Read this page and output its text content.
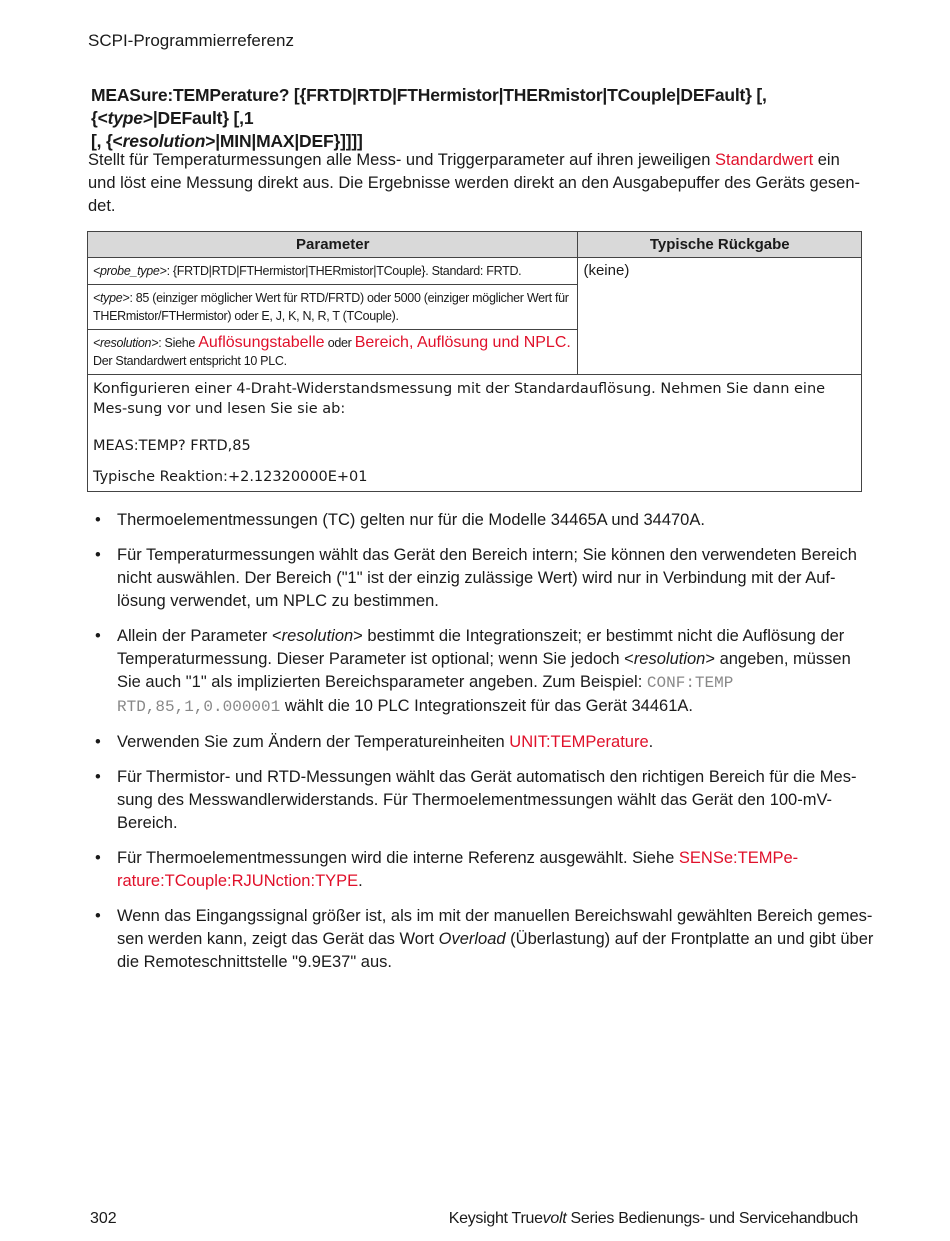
SCPI-Programmierreferenz
MEASure:TEMPerature? [{FRTD|RTD|FTHermistor|THERmistor|TCouple|DEFault} [, {<type>|DEFault} [,1
[, {<resolution>|MIN|MAX|DEF}]]]]
Stellt für Temperaturmessungen alle Mess- und Triggerparameter auf ihren jeweiligen Standardwert ein und löst eine Messung direkt aus. Die Ergebnisse werden direkt an den Ausgabepuffer des Geräts gesen-det.
Parameter	Typische Rückgabe
<probe_type>: {FRTD|RTD|FTHermistor|THERmistor|TCouple}. Standard: FRTD.	(keine)
<type>: 85 (einziger möglicher Wert für RTD/FRTD) oder 5000 (einziger möglicher Wert für THERmistor/FTHermistor) oder E, J, K, N, R, T (TCouple).	
<resolution>: Siehe Auflösungstabelle oder Bereich, Auflösung und NPLC. Der Standardwert entspricht 10 PLC.	

Konfigurieren einer 4-Draht-Widerstandsmessung mit der Standardauflösung. Nehmen Sie dann eine Mes-sung vor und lesen Sie sie ab:

MEAS:TEMP? FRTD,85

Typische Reaktion:+2.12320000E+01	

• Thermoelementmessungen (TC) gelten nur für die Modelle 34465A und 34470A.
• Für Temperaturmessungen wählt das Gerät den Bereich intern; Sie können den verwendeten Bereich nicht auswählen. Der Bereich ("1" ist der einzig zulässige Wert) wird nur in Verbindung mit der Auf-lösung verwendet, um NPLC zu bestimmen.
• Allein der Parameter <resolution> bestimmt die Integrationszeit; er bestimmt nicht die Auflösung der Temperaturmessung. Dieser Parameter ist optional; wenn Sie jedoch <resolution> angeben, müssen Sie auch "1" als implizierten Bereichsparameter angeben. Zum Beispiel: CONF:TEMP RTD,85,1,0.000001 wählt die 10 PLC Integrationszeit für das Gerät 34461A.
• Verwenden Sie zum Ändern der Temperatureinheiten UNIT:TEMPerature.
• Für Thermistor- und RTD-Messungen wählt das Gerät automatisch den richtigen Bereich für die Mes-sung des Messwandlerwiderstands. Für Thermoelementmessungen wählt das Gerät den 100-mV-Bereich.
• Für Thermoelementmessungen wird die interne Referenz ausgewählt. Siehe SENSe:TEMPe-rature:TCouple:RJUNction:TYPE.
• Wenn das Eingangssignal größer ist, als im mit der manuellen Bereichswahl gewählten Bereich gemes-sen werden kann, zeigt das Gerät das Wort Overload (Überlastung) auf der Frontplatte an und gibt über die Remoteschnittstelle "9.9E37" aus.
302	Keysight Truevolt Series Bedienungs- und Servicehandbuch
